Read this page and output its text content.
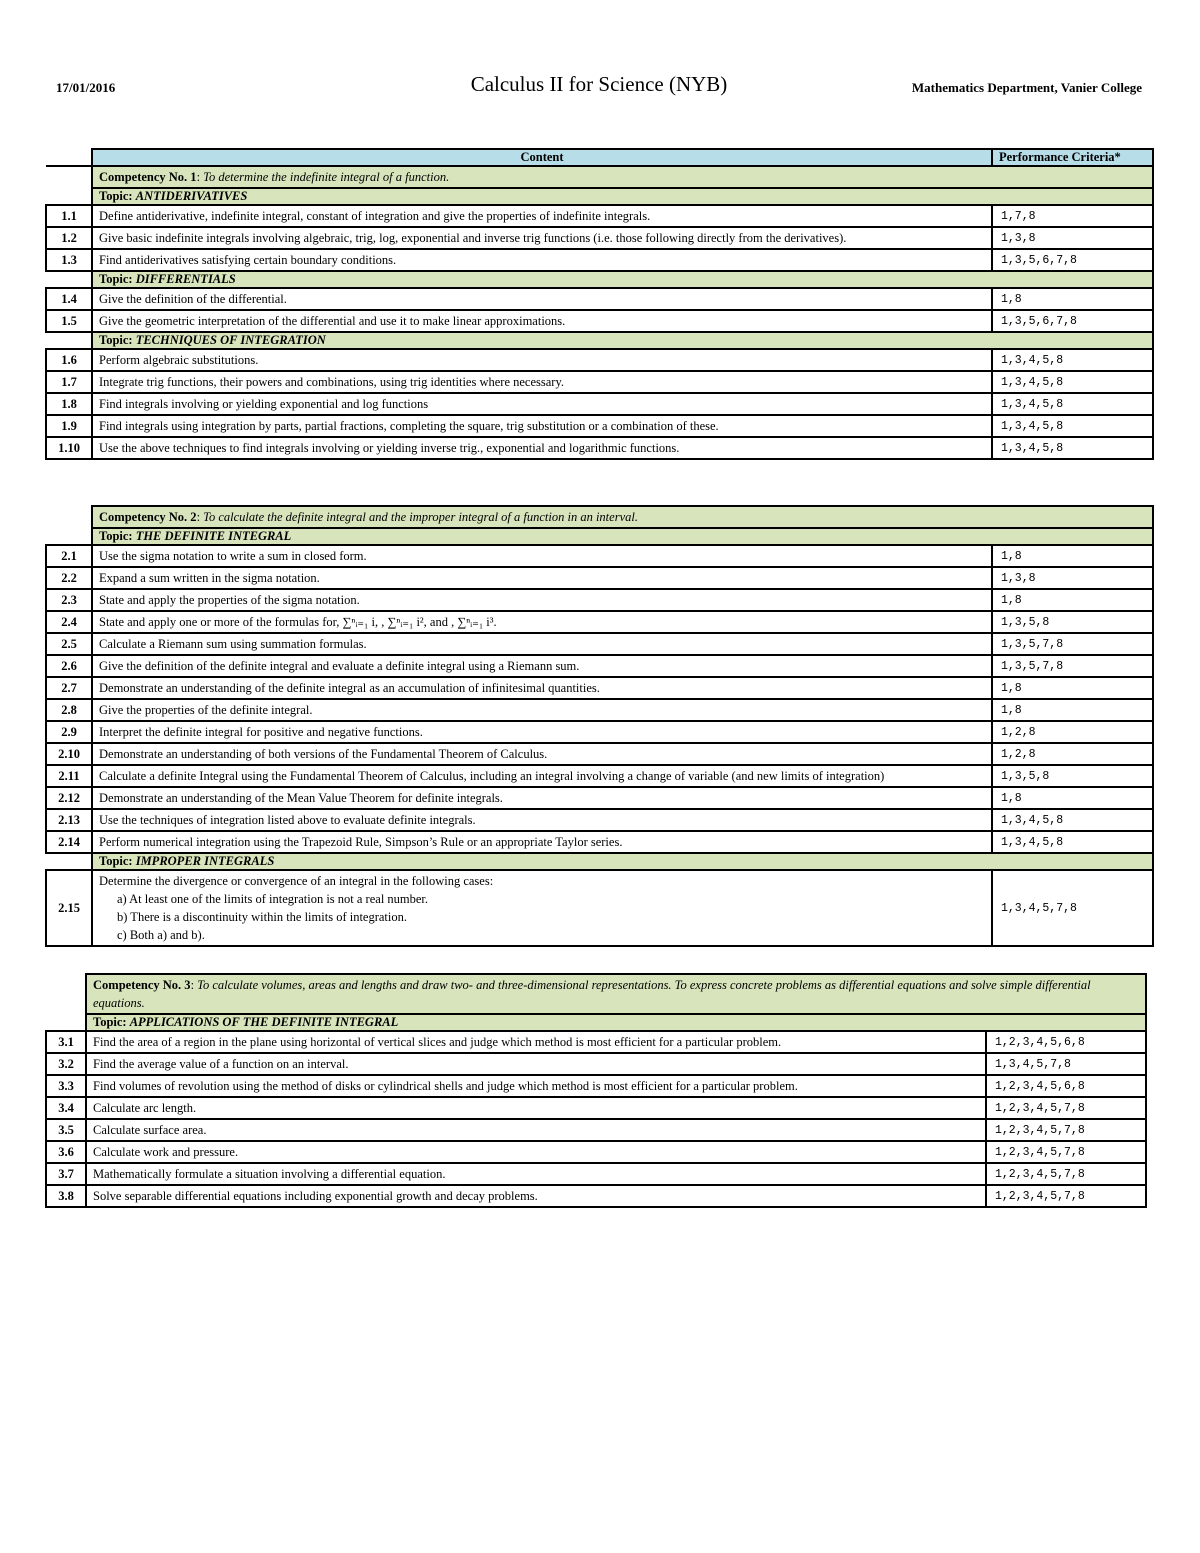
17/01/2016	Calculus II for Science (NYB)	Mathematics Department, Vanier College
	Content	Performance Criteria*
	Competency No. 1: To determine the indefinite integral of a function.	
	Topic: ANTIDERIVATIVES	
1.1	Define antiderivative, indefinite integral, constant of integration and give the properties of indefinite integrals.	1,7,8
1.2	Give basic indefinite integrals involving algebraic, trig, log, exponential and inverse trig functions (i.e. those following directly from the derivatives).	1,3,8
1.3	Find antiderivatives satisfying certain boundary conditions.	1,3,5,6,7,8
	Topic: DIFFERENTIALS	
1.4	Give the definition of the differential.	1,8
1.5	Give the geometric interpretation of the differential and use it to make linear approximations.	1,3,5,6,7,8
	Topic: TECHNIQUES OF INTEGRATION	
1.6	Perform algebraic substitutions.	1,3,4,5,8
1.7	Integrate trig functions, their powers and combinations, using trig identities where necessary.	1,3,4,5,8
1.8	Find integrals involving or yielding exponential and log functions	1,3,4,5,8
1.9	Find integrals using integration by parts, partial fractions, completing the square, trig substitution or a combination of these.	1,3,4,5,8
1.10	Use the above techniques to find integrals involving or yielding inverse trig., exponential and logarithmic functions.	1,3,4,5,8
	Competency No. 2: To calculate the definite integral and the improper integral of a function in an interval.	
	Topic: THE DEFINITE INTEGRAL	
2.1	Use the sigma notation to write a sum in closed form.	1,8
2.2	Expand a sum written in the sigma notation.	1,3,8
2.3	State and apply the properties of the sigma notation.	1,8
2.4	State and apply one or more of the formulas for, ∑ⁿᵢ₌₁ i, , ∑ⁿᵢ₌₁ i², and , ∑ⁿᵢ₌₁ i³.	1,3,5,8
2.5	Calculate a Riemann sum using summation formulas.	1,3,5,7,8
2.6	Give the definition of the definite integral and evaluate a definite integral using a Riemann sum.	1,3,5,7,8
2.7	Demonstrate an understanding of the definite integral as an accumulation of infinitesimal quantities.	1,8
2.8	Give the properties of the definite integral.	1,8
2.9	Interpret the definite integral for positive and negative functions.	1,2,8
2.10	Demonstrate an understanding of both versions of the Fundamental Theorem of Calculus.	1,2,8
2.11	Calculate a definite Integral using the Fundamental Theorem of Calculus, including an integral involving a change of variable (and new limits of integration)	1,3,5,8
2.12	Demonstrate an understanding of the Mean Value Theorem for definite integrals.	1,8
2.13	Use the techniques of integration listed above to evaluate definite integrals.	1,3,4,5,8
2.14	Perform numerical integration using the Trapezoid Rule, Simpson’s Rule or an appropriate Taylor series.	1,3,4,5,8
	Topic: IMPROPER INTEGRALS	
2.15	Determine the divergence or convergence of an integral in the following cases:
a) At least one of the limits of integration is not a real number.
b) There is a discontinuity within the limits of integration.
c) Both a) and b).	1,3,4,5,7,8
	Competency No. 3: To calculate volumes, areas and lengths and draw two- and three-dimensional representations. To express concrete problems as differential equations and solve simple differential equations.	
	Topic: APPLICATIONS OF THE DEFINITE INTEGRAL	
3.1	Find the area of a region in the plane using horizontal of vertical slices and judge which method is most efficient for a particular problem.	1,2,3,4,5,6,8
3.2	Find the average value of a function on an interval.	1,3,4,5,7,8
3.3	Find volumes of revolution using the method of disks or cylindrical shells and judge which method is most efficient for a particular problem.	1,2,3,4,5,6,8
3.4	Calculate arc length.	1,2,3,4,5,7,8
3.5	Calculate surface area.	1,2,3,4,5,7,8
3.6	Calculate work and pressure.	1,2,3,4,5,7,8
3.7	Mathematically formulate a situation involving a differential equation.	1,2,3,4,5,7,8
3.8	Solve separable differential equations including exponential growth and decay problems.	1,2,3,4,5,7,8
